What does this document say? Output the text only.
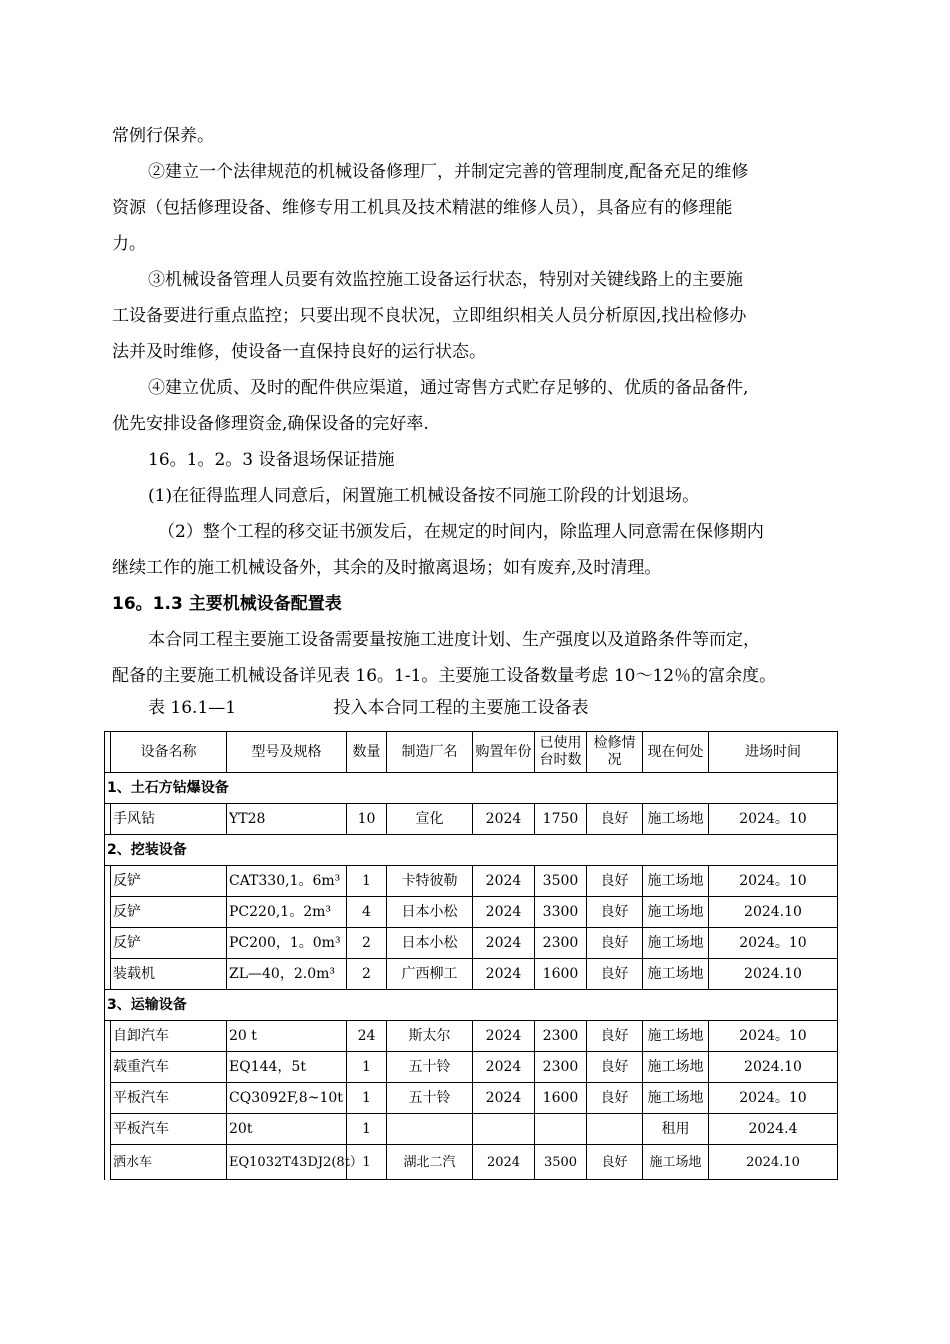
常例行保养。
②建立一个法律规范的机械设备修理厂，并制定完善的管理制度,配备充足的维修
资源（包括修理设备、维修专用工机具及技术精湛的维修人员），具备应有的修理能
力。
③机械设备管理人员要有效监控施工设备运行状态，特别对关键线路上的主要施
工设备要进行重点监控；只要出现不良状况，立即组织相关人员分析原因,找出检修办
法并及时维修，使设备一直保持良好的运行状态。
④建立优质、及时的配件供应渠道，通过寄售方式贮存足够的、优质的备品备件,
优先安排设备修理资金,确保设备的完好率.
16。1。2。3 设备退场保证措施
(1)在征得监理人同意后，闲置施工机械设备按不同施工阶段的计划退场。
（2）整个工程的移交证书颁发后，在规定的时间内，除监理人同意需在保修期内
继续工作的施工机械设备外，其余的及时撤离退场；如有废弃,及时清理。
16。1.3 主要机械设备配置表
本合同工程主要施工设备需要量按施工进度计划、生产强度以及道路条件等而定，
配备的主要施工机械设备详见表 16。1-1。主要施工设备数量考虑 10～12％的富余度。
表 16.1—1	投入本合同工程的主要施工设备表
	设备名称	型号及规格	数量	制造厂名	购置年份	已使用台时数	检修情况	现在何处	进场时间
1、土石方钻爆设备									
	手风钻	YT28	10	宣化	2024	1750	良好	施工场地	2024。10
2、挖装设备									
	反铲	CAT330,1。6m³	1	卡特彼勒	2024	3500	良好	施工场地	2024。10
	反铲	PC220,1。2m³	4	日本小松	2024	3300	良好	施工场地	2024.10
	反铲	PC200，1。0m³	2	日本小松	2024	2300	良好	施工场地	2024。10
	装载机	ZL—40，2.0m³	2	广西柳工	2024	1600	良好	施工场地	2024.10
3、运输设备									
	自卸汽车	20 t	24	斯太尔	2024	2300	良好	施工场地	2024。10
	载重汽车	EQ144，5t	1	五十铃	2024	2300	良好	施工场地	2024.10
	平板汽车	CQ3092F,8~10t	1	五十铃	2024	1600	良好	施工场地	2024。10
	平板汽车	20t	1					租用	2024.4
	洒水车	EQ1032T43DJ2(8t）	1	湖北二汽	2024	3500	良好	施工场地	2024.10
